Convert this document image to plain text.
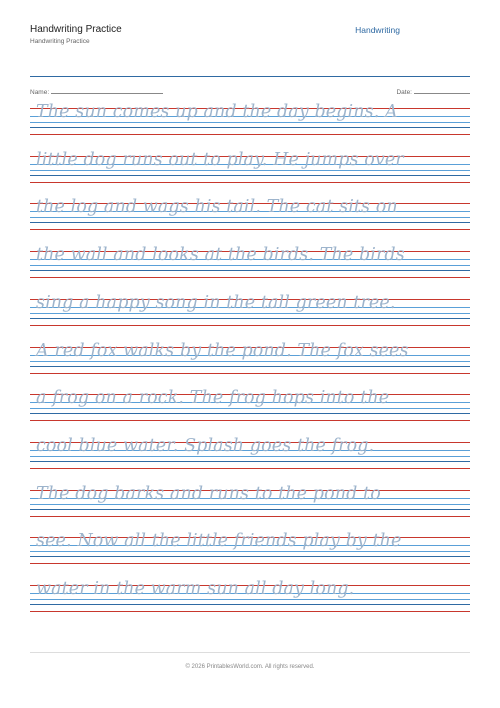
Handwriting Practice
Handwriting Practice
Handwriting
Name:	Date:
The sun comes up and the day begins. A
little dog runs out to play. He jumps over
the log and wags his tail. The cat sits on
the wall and looks at the birds. The birds
sing a happy song in the tall green tree.
A red fox walks by the pond. The fox sees
a frog on a rock. The frog hops into the
cool blue water. Splash goes the frog.
The dog barks and runs to the pond to
see. Now all the little friends play by the
water in the warm sun all day long.
© 2026 PrintablesWorld.com. All rights reserved.
